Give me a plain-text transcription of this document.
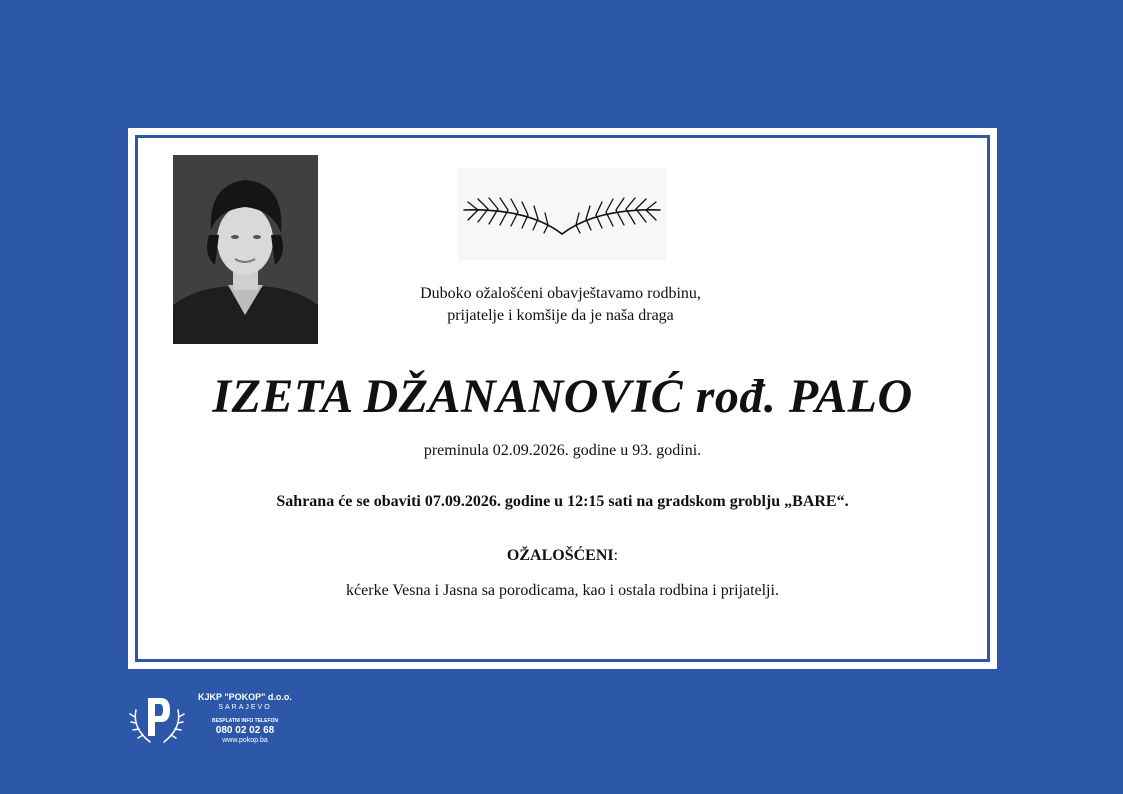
Duboko ožalošćeni obavještavamo rodbinu,
prijatelje i komšije da je naša draga
IZETA DŽANANOVIĆ rođ. PALO
preminula 02.09.2026. godine u 93. godini.
Sahrana će se obaviti 07.09.2026. godine u 12:15 sati na gradskom groblju „BARE“.
OŽALOŠĆENI:
kćerke Vesna i Jasna sa porodicama, kao i ostala rodbina i prijatelji.
KJKP "POKOP" d.o.o.
SARAJEVO
BESPLATNI INFO TELEFON
080 02 02 68
www.pokop.ba
